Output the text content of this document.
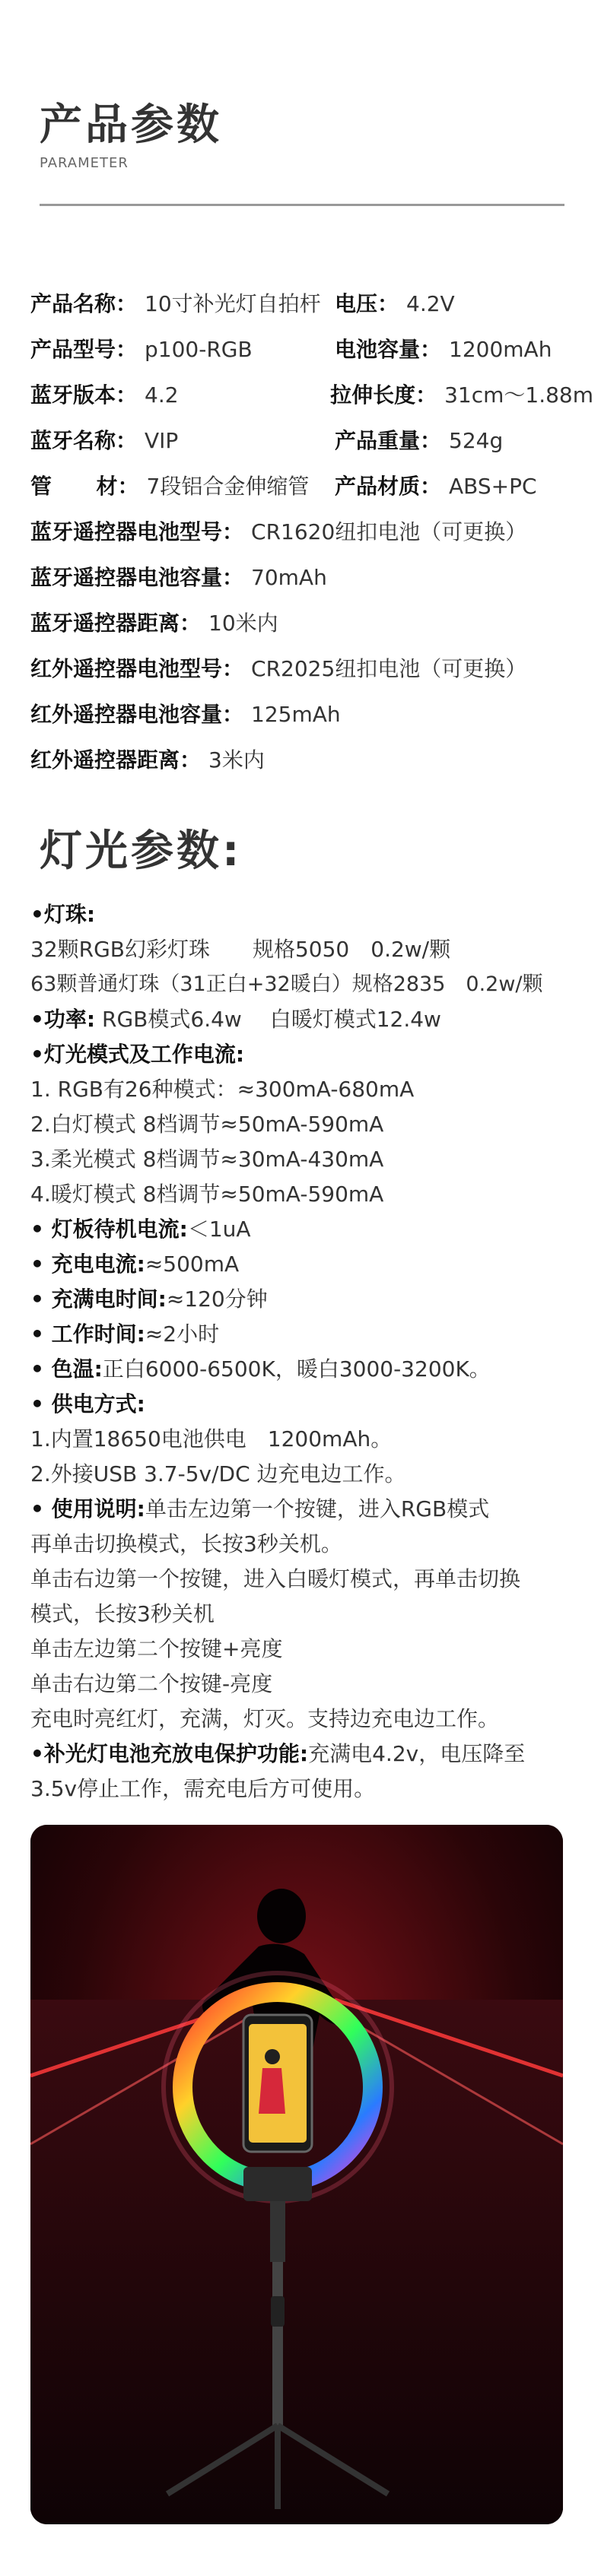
产品参数
PARAMETER
产品名称： 10寸补光灯自拍杆 电压： 4.2V
产品型号： p100-RGB	电池容量： 1200mAh
蓝牙版本： 4.2	拉伸长度： 31cm～1.88m
蓝牙名称： VIP	产品重量： 524g
管      材： 7段铝合金伸缩管 产品材质： ABS+PC
蓝牙遥控器电池型号： CR1620纽扣电池（可更换）
蓝牙遥控器电池容量： 70mAh
蓝牙遥控器距离： 10米内
红外遥控器电池型号： CR2025纽扣电池（可更换）
红外遥控器电池容量： 125mAh
红外遥控器距离： 3米内
灯光参数:
•灯珠:
32颗RGB幻彩灯珠　　规格5050　0.2w/颗
63颗普通灯珠（31正白+32暖白）规格2835　0.2w/颗
•功率: RGB模式6.4w　 白暖灯模式12.4w
•灯光模式及工作电流:
1. RGB有26种模式：≈300mA-680mA
2.白灯模式 8档调节≈50mA-590mA
3.柔光模式 8档调节≈30mA-430mA
4.暖灯模式 8档调节≈50mA-590mA
• 灯板待机电流:＜1uA
• 充电电流:≈500mA
• 充满电时间:≈120分钟
• 工作时间:≈2小时
• 色温:正白6000-6500K，暖白3000-3200K。
• 供电方式:
1.内置18650电池供电　1200mAh。
2.外接USB 3.7-5v/DC 边充电边工作。
• 使用说明:单击左边第一个按键，进入RGB模式
再单击切换模式，长按3秒关机。
单击右边第一个按键，进入白暖灯模式，再单击切换
模式，长按3秒关机
单击左边第二个按键+亮度
单击右边第二个按键-亮度
充电时亮红灯，充满，灯灭。支持边充电边工作。
•补光灯电池充放电保护功能:充满电4.2v，电压降至
3.5v停止工作，需充电后方可使用。
